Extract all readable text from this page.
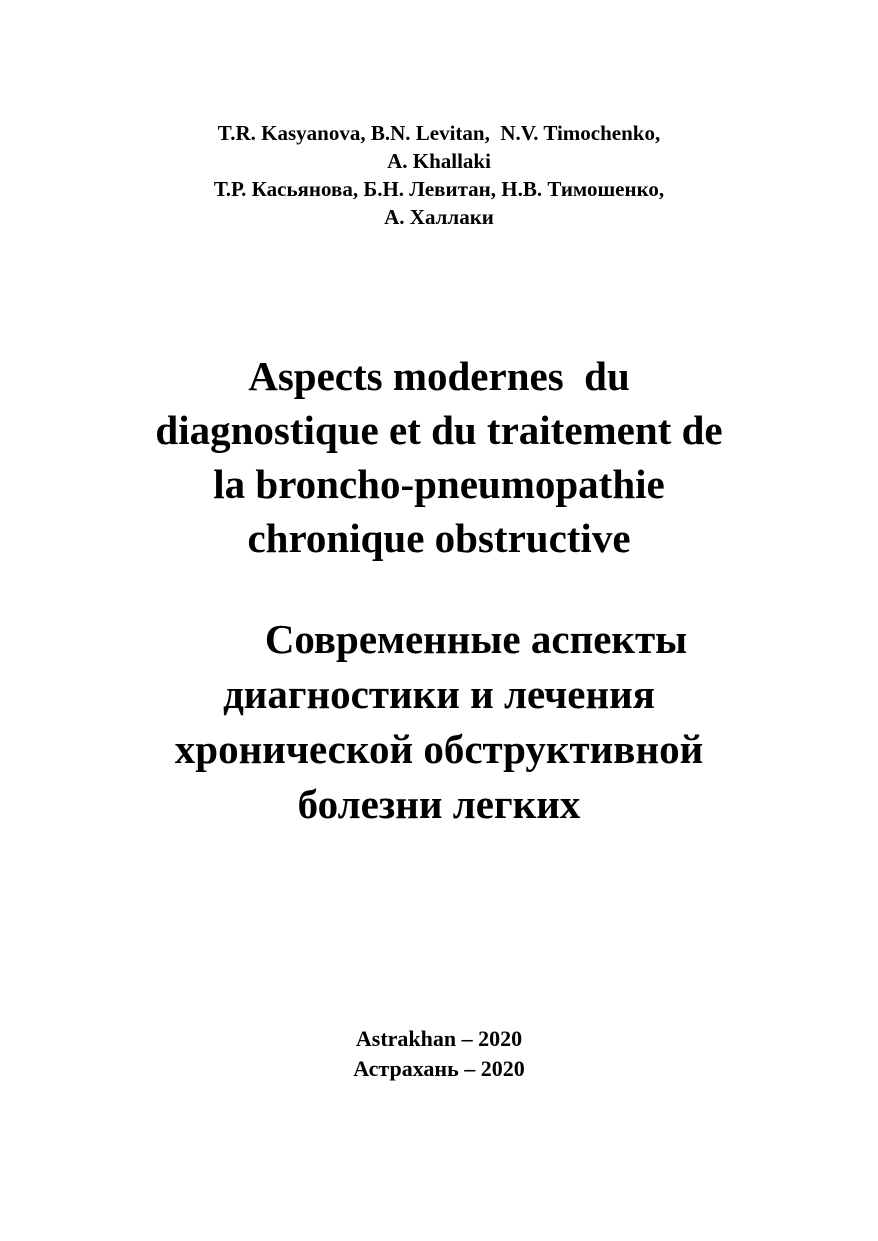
T.R. Kasyanova, B.N. Levitan,  N.V. Timochenko,
A. Khallaki
Т.Р. Касьянова, Б.Н. Левитан, Н.В. Тимошенко,
А. Халлаки
Aspects modernes  du
diagnostique et du traitement de
la broncho-pneumopathie
chronique obstructive
Современные аспекты
диагностики и лечения
хронической обструктивной
болезни легких
Astrakhan – 2020
Астрахань – 2020
